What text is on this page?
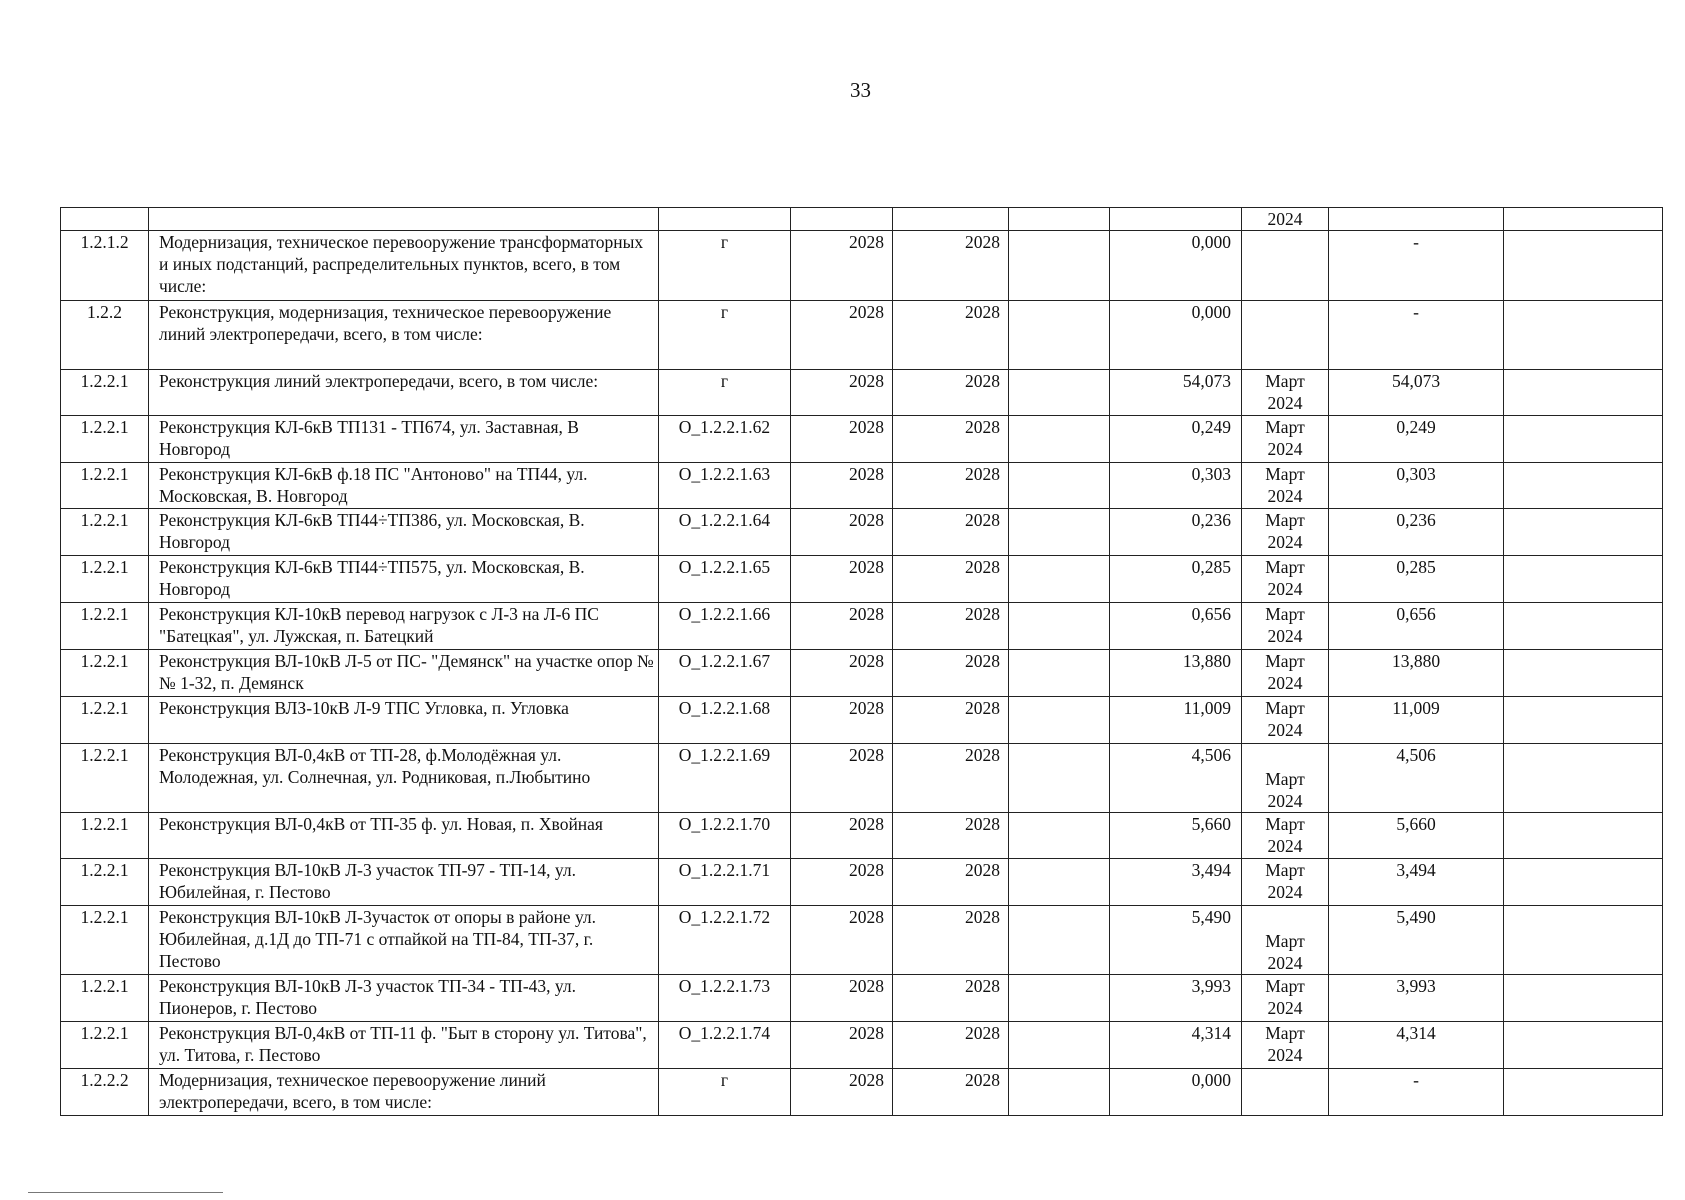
33
							2024		
1.2.1.2	Модернизация, техническое перевооружение трансформаторных и иных подстанций, распределительных пунктов, всего, в том числе:	г	2028	2028		0,000		-	
1.2.2	Реконструкция, модернизация, техническое перевооружение линий электропередачи, всего, в том числе:	г	2028	2028		0,000		-	
1.2.2.1	Реконструкция линий электропередачи, всего, в том числе:	г	2028	2028		54,073	Март 2024	54,073	
1.2.2.1	Реконструкция КЛ-6кВ ТП131 - ТП674, ул. Заставная, В Новгород	О_1.2.2.1.62	2028	2028		0,249	Март 2024	0,249	
1.2.2.1	Реконструкция КЛ-6кВ ф.18 ПС "Антоново" на ТП44, ул. Московская, В. Новгород	О_1.2.2.1.63	2028	2028		0,303	Март 2024	0,303	
1.2.2.1	Реконструкция КЛ-6кВ ТП44÷ТП386, ул. Московская, В. Новгород	О_1.2.2.1.64	2028	2028		0,236	Март 2024	0,236	
1.2.2.1	Реконструкция КЛ-6кВ ТП44÷ТП575, ул. Московская, В. Новгород	О_1.2.2.1.65	2028	2028		0,285	Март 2024	0,285	
1.2.2.1	Реконструкция КЛ-10кВ перевод нагрузок с Л-3 на Л-6 ПС "Батецкая", ул. Лужская, п. Батецкий	О_1.2.2.1.66	2028	2028		0,656	Март 2024	0,656	
1.2.2.1	Реконструкция ВЛ-10кВ Л-5 от ПС- "Демянск" на участке опор №№ 1-32, п. Демянск	О_1.2.2.1.67	2028	2028		13,880	Март 2024	13,880	
1.2.2.1	Реконструкция ВЛЗ-10кВ Л-9 ТПС Угловка, п. Угловка	О_1.2.2.1.68	2028	2028		11,009	Март 2024	11,009	
1.2.2.1	Реконструкция ВЛ-0,4кВ от ТП-28, ф.Молодёжная ул. Молодежная, ул. Солнечная, ул. Родниковая, п.Любытино	О_1.2.2.1.69	2028	2028		4,506	Март 2024	4,506	
1.2.2.1	Реконструкция ВЛ-0,4кВ от ТП-35 ф. ул. Новая, п. Хвойная	О_1.2.2.1.70	2028	2028		5,660	Март 2024	5,660	
1.2.2.1	Реконструкция ВЛ-10кВ Л-3 участок ТП-97 - ТП-14, ул. Юбилейная, г. Пестово	О_1.2.2.1.71	2028	2028		3,494	Март 2024	3,494	
1.2.2.1	Реконструкция ВЛ-10кВ Л-3участок от опоры в районе ул. Юбилейная, д.1Д до ТП-71 с отпайкой на ТП-84, ТП-37, г. Пестово	О_1.2.2.1.72	2028	2028		5,490	Март 2024	5,490	
1.2.2.1	Реконструкция ВЛ-10кВ Л-3 участок ТП-34 - ТП-43, ул. Пионеров, г. Пестово	О_1.2.2.1.73	2028	2028		3,993	Март 2024	3,993	
1.2.2.1	Реконструкция ВЛ-0,4кВ от ТП-11 ф. "Быт в сторону ул. Титова", ул. Титова, г. Пестово	О_1.2.2.1.74	2028	2028		4,314	Март 2024	4,314	
1.2.2.2	Модернизация, техническое перевооружение линий электропередачи, всего, в том числе:	г	2028	2028		0,000		-	
